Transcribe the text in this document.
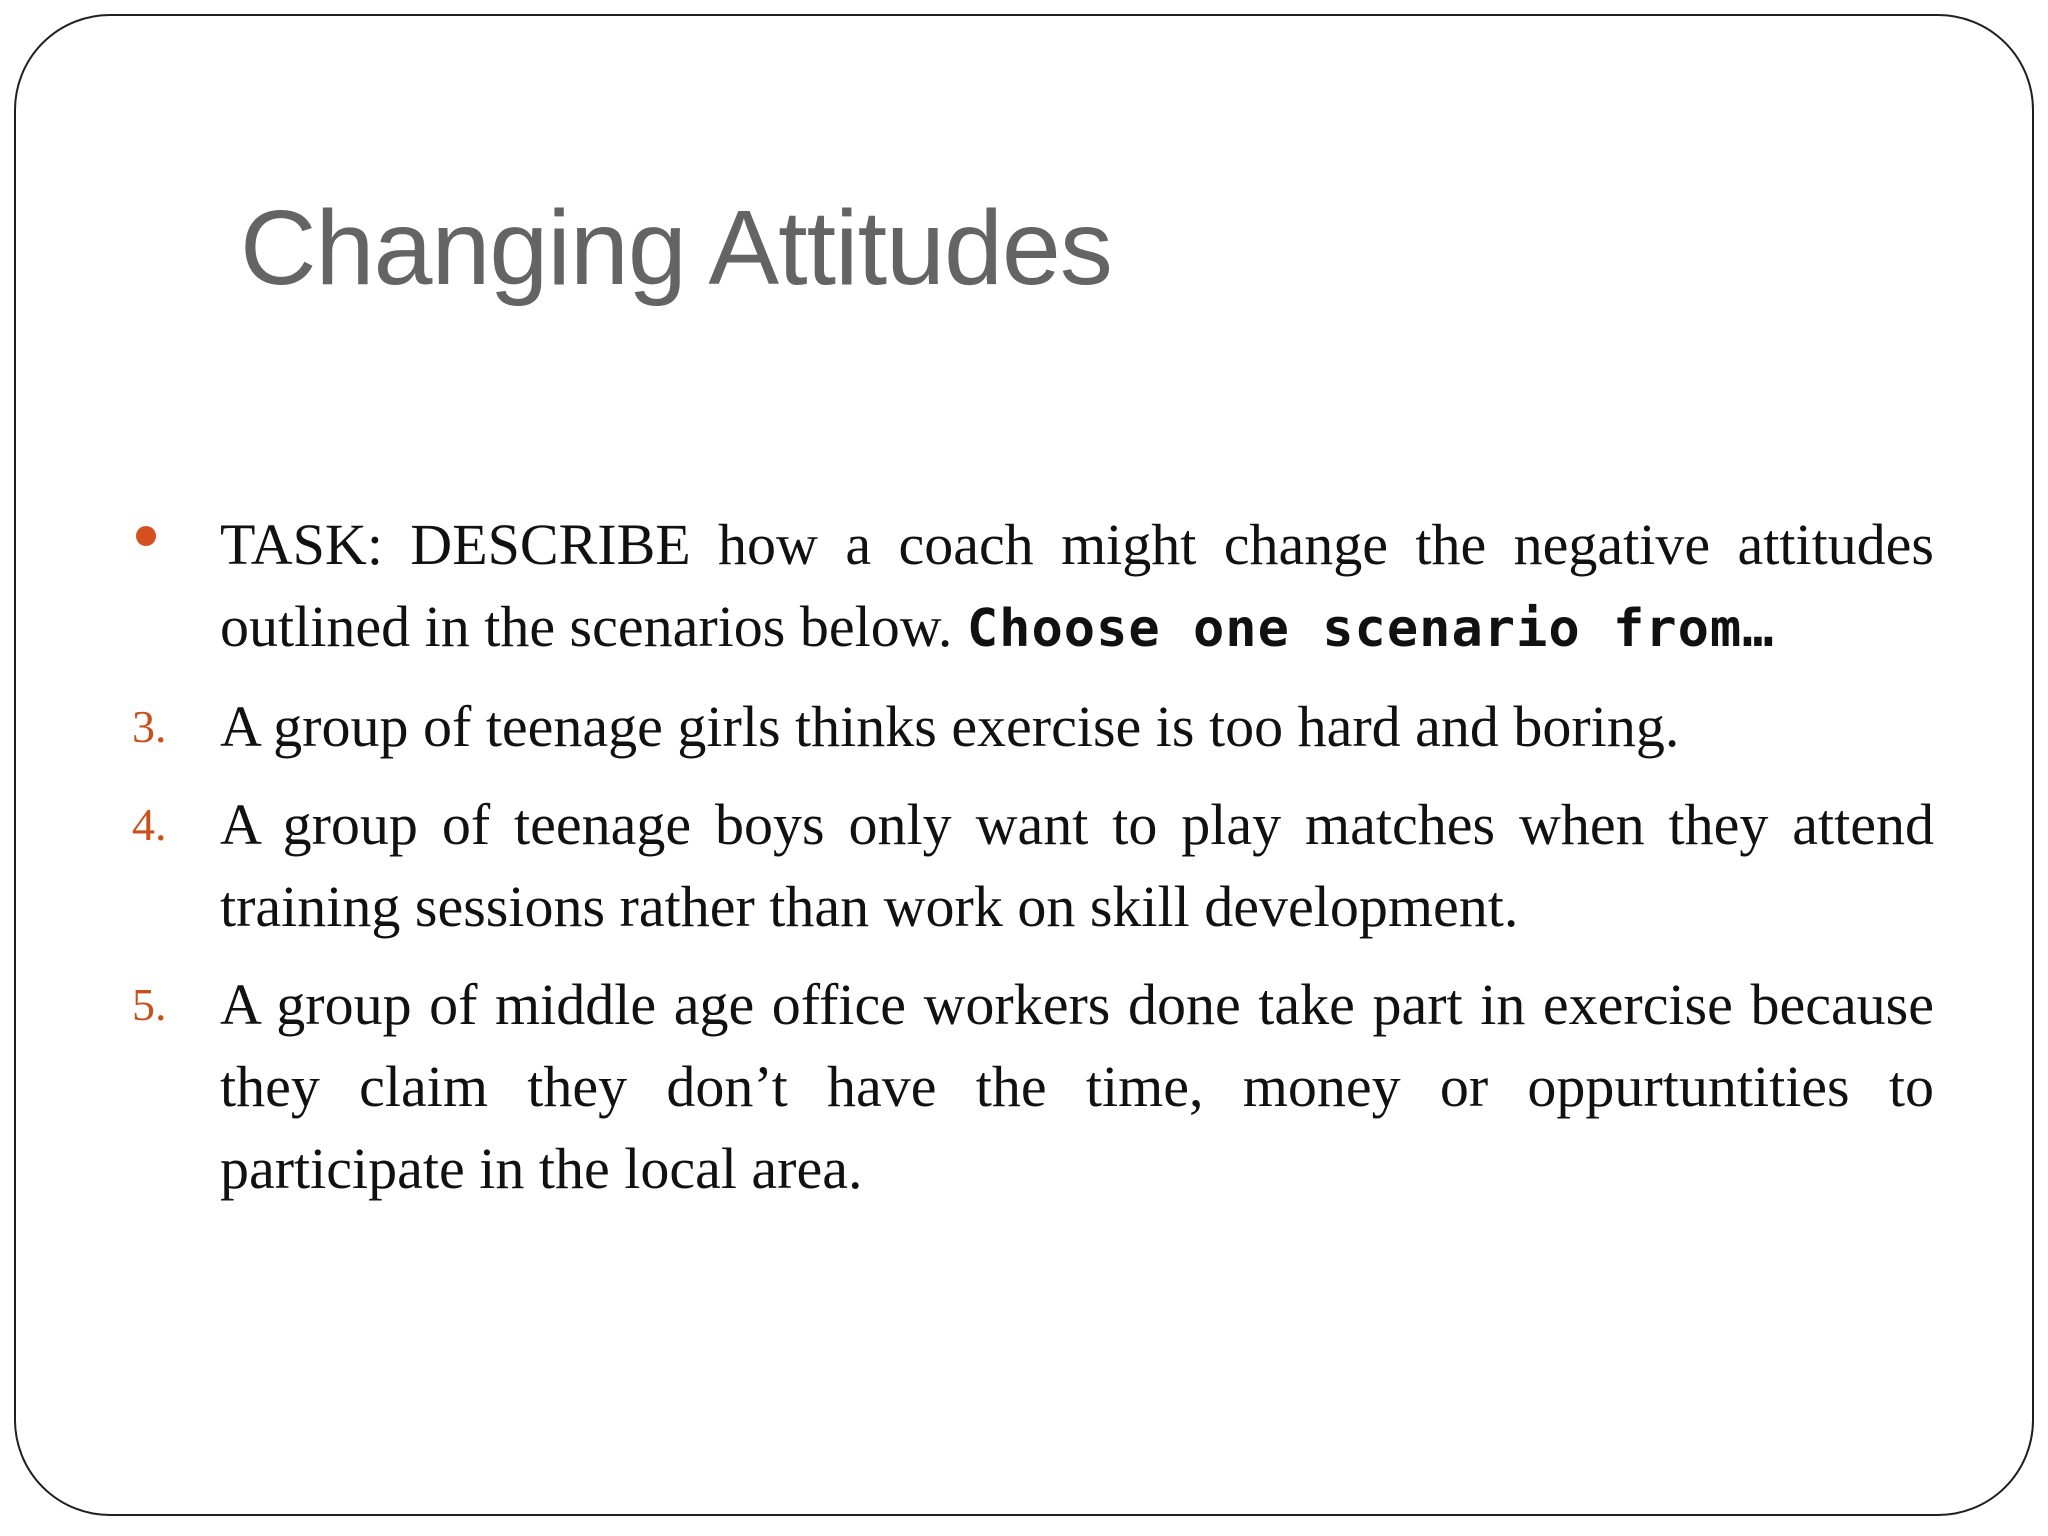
Changing Attitudes
TASK: DESCRIBE how a coach might change the negative attitudes outlined in the scenarios below. Choose one scenario from…
3. A group of teenage girls thinks exercise is too hard and boring.
4. A group of teenage boys only want to play matches when they attend training sessions rather than work on skill development.
5. A group of middle age office workers done take part in exercise because they claim they don’t have the time, money or oppurtuntities to participate in the local area.
